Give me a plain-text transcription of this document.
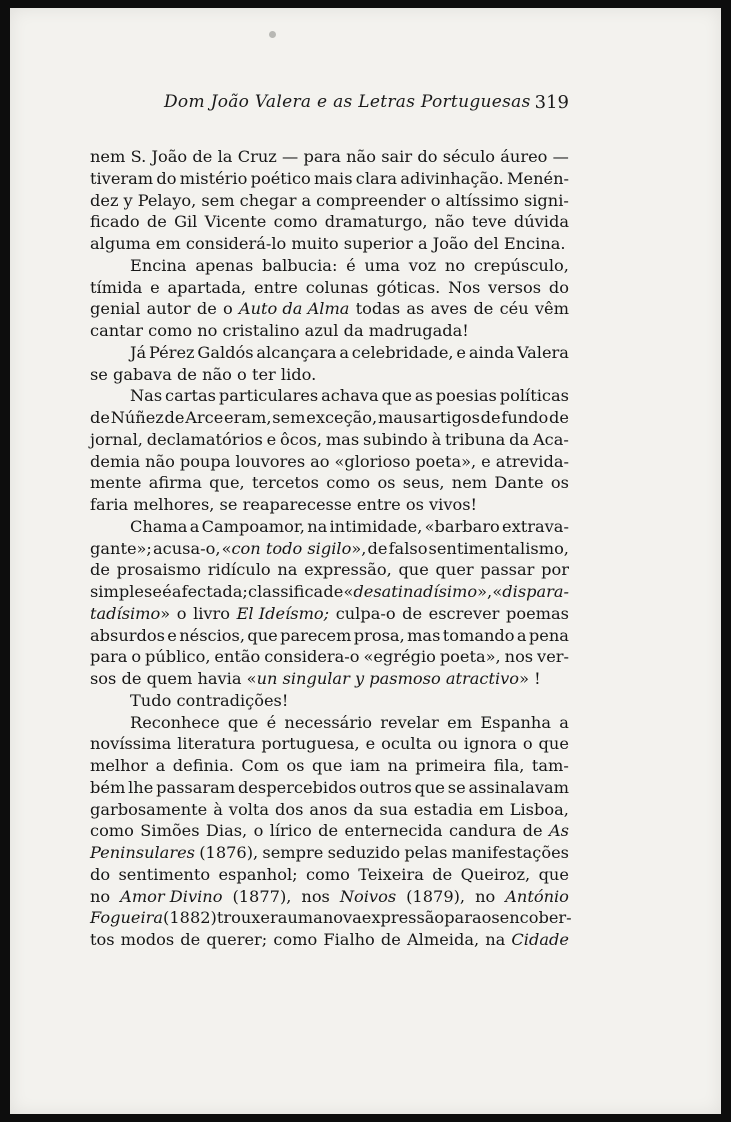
Dom João Valera e as Letras Portuguesas 319
nem S. João de la Cruz — para não sair do século áureo —
tiveram do mistério poético mais clara adivinhação. Menén-
dez y Pelayo, sem chegar a compreender o altíssimo signi-
ficado de Gil Vicente como dramaturgo, não teve dúvida
alguma em considerá-lo muito superior a João del Encina.
Encina apenas balbucia: é uma voz no crepúsculo,
tímida e apartada, entre colunas góticas. Nos versos do
genial autor de o Auto da Alma todas as aves de céu vêm
cantar como no cristalino azul da madrugada!
Já Pérez Galdós alcançara a celebridade, e ainda Valera
se gabava de não o ter lido.
Nas cartas particulares achava que as poesias políticas
de Núñez de Arce eram, sem exceção, maus artigos de fundo de
jornal, declamatórios e ôcos, mas subindo à tribuna da Aca-
demia não poupa louvores ao «glorioso poeta», e atrevida-
mente afirma que, tercetos como os seus, nem Dante os
faria melhores, se reaparecesse entre os vivos!
Chama a Campoamor, na intimidade, «barbaro extrava-
gante»; acusa-o, «con todo sigilo», de falso sentimentalismo,
de prosaismo ridículo na expressão, que quer passar por
simples e é afectada; classifica de «desatinadísimo», «dispara-
tadísimo» o livro El Ideísmo; culpa-o de escrever poemas
absurdos e néscios, que parecem prosa, mas tomando a pena
para o público, então considera-o «egrégio poeta», nos ver-
sos de quem havia « un singular y pasmoso atractivo» !
Tudo contradições!
Reconhece que é necessário revelar em Espanha a
novíssima literatura portuguesa, e oculta ou ignora o que
melhor a definia. Com os que iam na primeira fila, tam-
bém lhe passaram despercebidos outros que se assinalavam
garbosamente à volta dos anos da sua estadia em Lisboa,
como Simões Dias, o lírico de enternecida candura de As
Peninsulares (1876), sempre seduzido pelas manifestações
do sentimento espanhol; como Teixeira de Queiroz, que
no Amor Divino (1877), nos Noivos (1879), no António
Fogueira (1882) trouxera uma nova expressão para os encober-
tos modos de querer; como Fialho de Almeida, na Cidade
